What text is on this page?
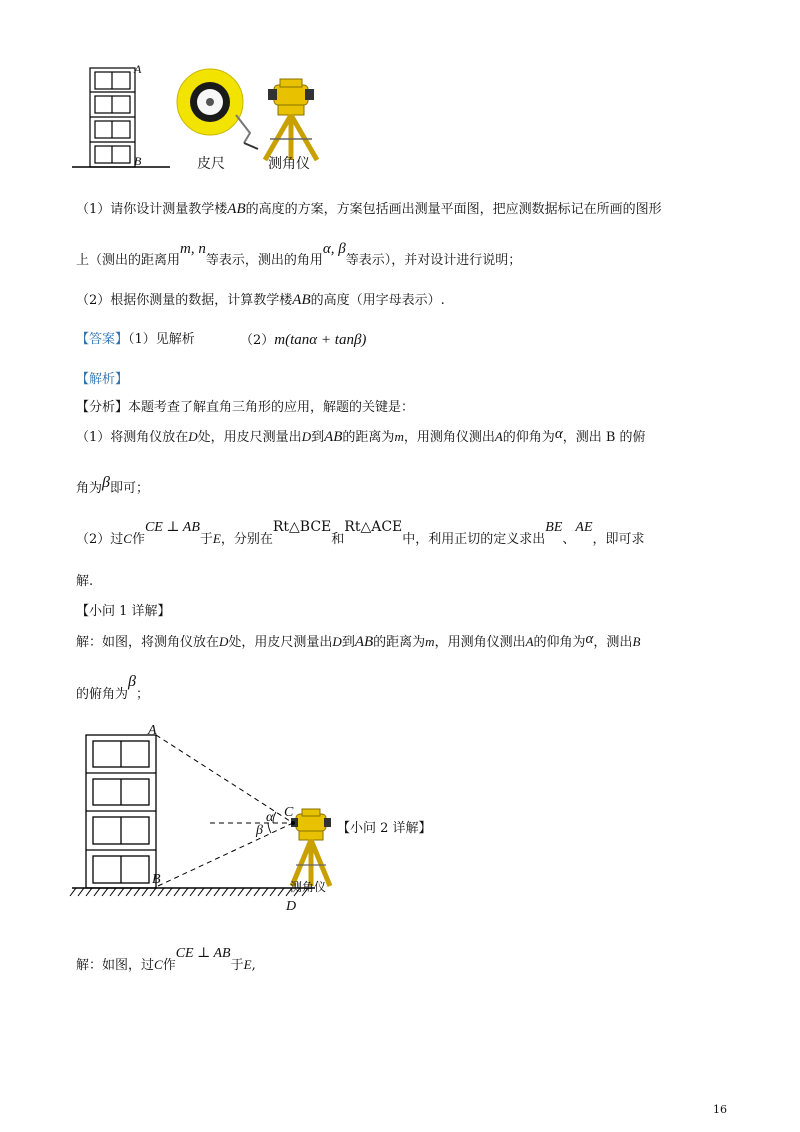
A
B	皮尺	测角仪
（1）请你设计测量教学楼AB的高度的方案，方案包括画出测量平面图，把应测数据标记在所画的图形
上（测出的距离用m, n等表示，测出的角用α, β等表示），并对设计进行说明；
（2）根据你测量的数据，计算教学楼AB的高度（用字母表示）.
【答案】（1）见解析	（2）m(tanα + tanβ)
【解析】
【分析】本题考查了解直角三角形的应用，解题的关键是：
（1）将测角仪放在D处，用皮尺测量出D到AB的距离为m，用测角仪测出A的仰角为α，测出 B 的俯
角为β即可；
（2）过C作CE ⊥ AB于E，分别在Rt△BCE和Rt△ACE中，利用正切的定义求出BE、AE，即可求
解.
【小问 1 详解】
解：如图，将测角仪放在D处，用皮尺测量出D到AB的距离为m，用测角仪测出A的仰角为α，测出B
的俯角为β；
A
B
C
D
α
β
测角仪
【小问 2 详解】
解：如图，过C作CE ⊥ AB于E,
16
